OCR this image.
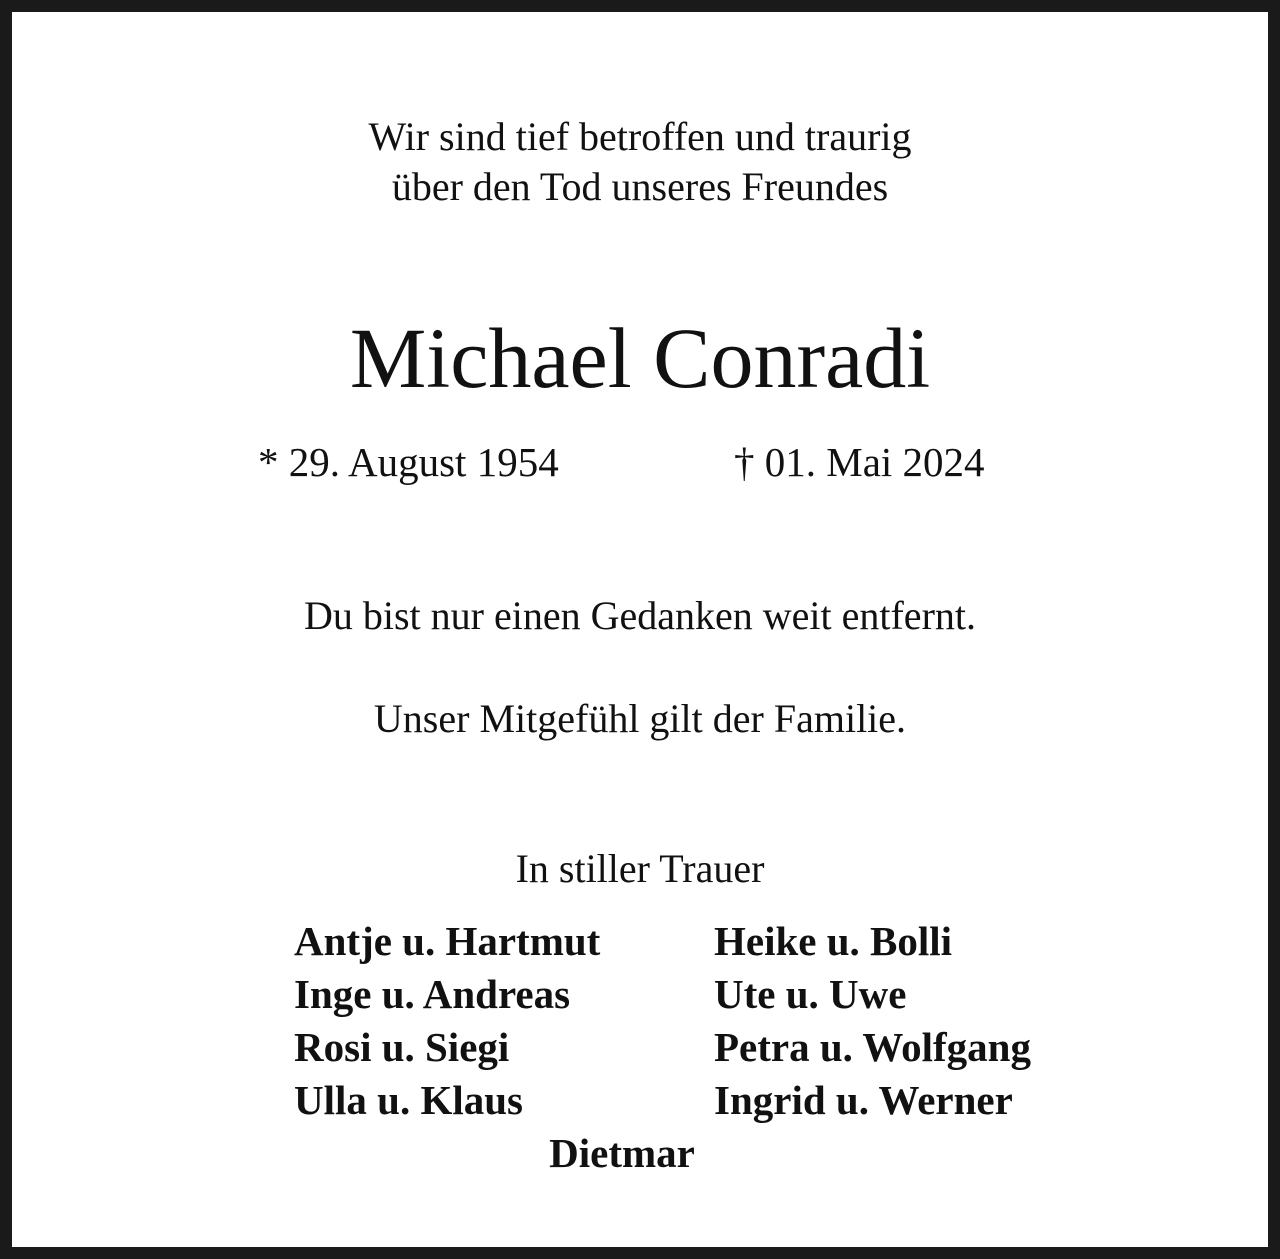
Wir sind tief betroffen und traurig
über den Tod unseres Freundes
Michael Conradi
* 29. August 1954	† 01. Mai 2024
Du bist nur einen Gedanken weit entfernt.
Unser Mitgefühl gilt der Familie.
In stiller Trauer
Antje u. Hartmut
Inge u. Andreas
Rosi u. Siegi
Ulla u. Klaus
Heike u. Bolli
Ute u. Uwe
Petra u. Wolfgang
Ingrid u. Werner
Dietmar
